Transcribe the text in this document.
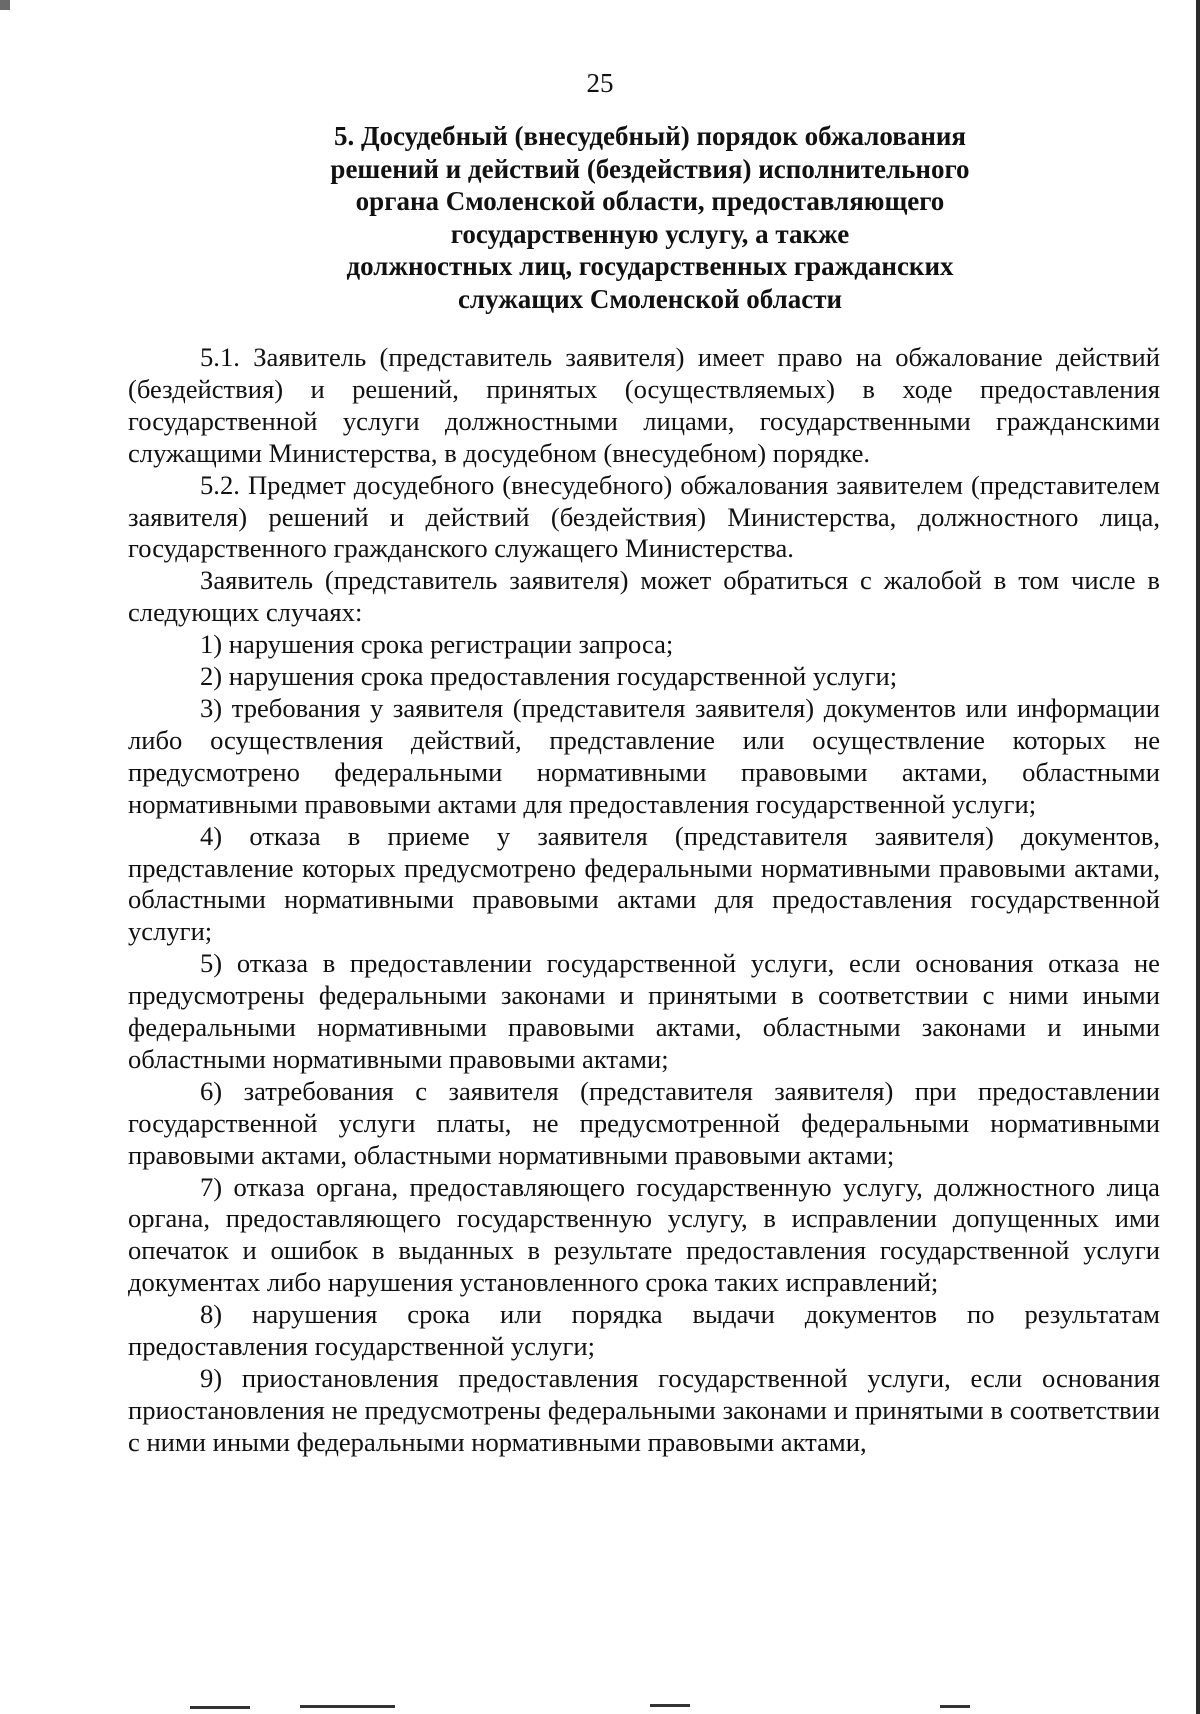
25
5. Досудебный (внесудебный) порядок обжалования
решений и действий (бездействия) исполнительного
органа Смоленской области, предоставляющего
государственную услугу, а также
должностных лиц, государственных гражданских
служащих Смоленской области

5.1. Заявитель (представитель заявителя) имеет право на обжалование действий (бездействия) и решений, принятых (осуществляемых) в ходе предоставления государственной услуги должностными лицами, государственными гражданскими служащими Министерства, в досудебном (внесудебном) порядке.

5.2. Предмет досудебного (внесудебного) обжалования заявителем (представителем заявителя) решений и действий (бездействия) Министерства, должностного лица, государственного гражданского служащего Министерства.

Заявитель (представитель заявителя) может обратиться с жалобой в том числе в следующих случаях:

1) нарушения срока регистрации запроса;

2) нарушения срока предоставления государственной услуги;

3) требования у заявителя (представителя заявителя) документов или информации либо осуществления действий, представление или осуществление которых не предусмотрено федеральными нормативными правовыми актами, областными нормативными правовыми актами для предоставления государственной услуги;

4) отказа в приеме у заявителя (представителя заявителя) документов, представление которых предусмотрено федеральными нормативными правовыми актами, областными нормативными правовыми актами для предоставления государственной услуги;

5) отказа в предоставлении государственной услуги, если основания отказа не предусмотрены федеральными законами и принятыми в соответствии с ними иными федеральными нормативными правовыми актами, областными законами и иными областными нормативными правовыми актами;

6) затребования с заявителя (представителя заявителя) при предоставлении государственной услуги платы, не предусмотренной федеральными нормативными правовыми актами, областными нормативными правовыми актами;

7) отказа органа, предоставляющего государственную услугу, должностного лица органа, предоставляющего государственную услугу, в исправлении допущенных ими опечаток и ошибок в выданных в результате предоставления государственной услуги документах либо нарушения установленного срока таких исправлений;

8) нарушения срока или порядка выдачи документов по результатам предоставления государственной услуги;

9) приостановления предоставления государственной услуги, если основания приостановления не предусмотрены федеральными законами и принятыми в соответствии с ними иными федеральными нормативными правовыми актами,
